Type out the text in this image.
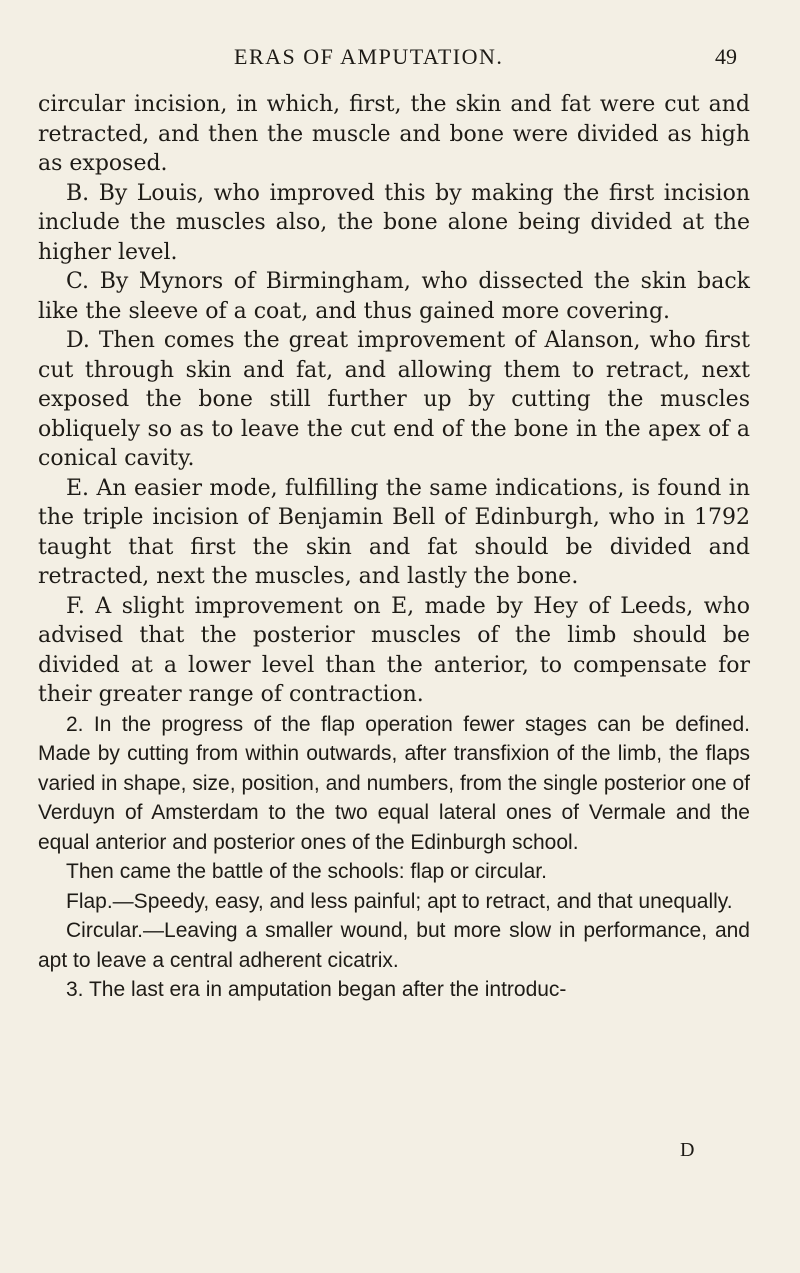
ERAS OF AMPUTATION.	49

circular incision, in which, first, the skin and fat were cut and retracted, and then the muscle and bone were divided as high as exposed.

B. By Louis, who improved this by making the first incision include the muscles also, the bone alone being divided at the higher level.

C. By Mynors of Birmingham, who dissected the skin back like the sleeve of a coat, and thus gained more covering.

D. Then comes the great improvement of Alanson, who first cut through skin and fat, and allowing them to retract, next exposed the bone still further up by cutting the muscles obliquely so as to leave the cut end of the bone in the apex of a conical cavity.

E. An easier mode, fulfilling the same indications, is found in the triple incision of Benjamin Bell of Edinburgh, who in 1792 taught that first the skin and fat should be divided and retracted, next the muscles, and lastly the bone.

F. A slight improvement on E, made by Hey of Leeds, who advised that the posterior muscles of the limb should be divided at a lower level than the anterior, to compensate for their greater range of contraction.

2. In the progress of the flap operation fewer stages can be defined. Made by cutting from within outwards, after transfixion of the limb, the flaps varied in shape, size, position, and numbers, from the single posterior one of Verduyn of Amsterdam to the two equal lateral ones of Vermale and the equal anterior and posterior ones of the Edinburgh school.

Then came the battle of the schools: flap or circular.

Flap.—Speedy, easy, and less painful; apt to retract, and that unequally.

Circular.—Leaving a smaller wound, but more slow in performance, and apt to leave a central adherent cicatrix.

3. The last era in amputation began after the introduc-

D
